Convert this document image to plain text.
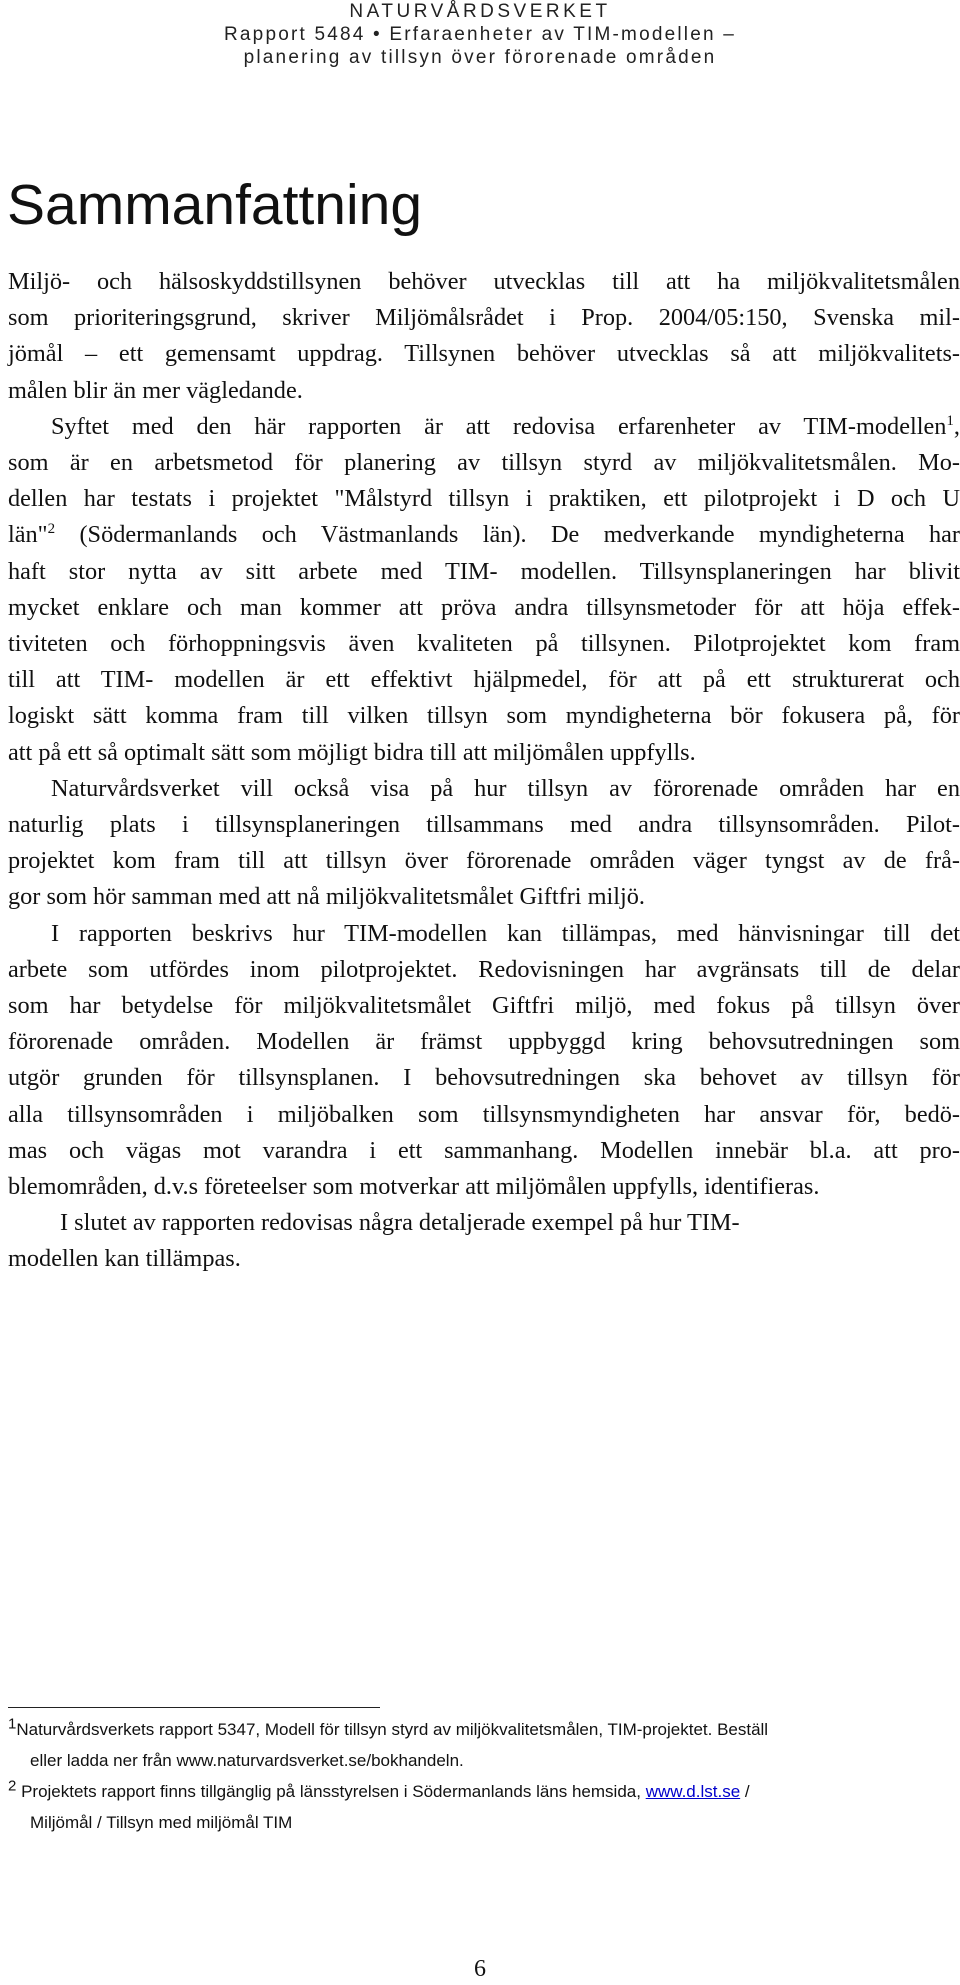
NATURVÅRDSVERKET
Rapport 5484 • Erfaraenheter av TIM-modellen –
planering av tillsyn över förorenade områden
Sammanfattning

Miljö- och hälsoskyddstillsynen behöver utvecklas till att ha miljökvalitetsmålen
som prioriteringsgrund, skriver Miljömålsrådet i Prop. 2004/05:150, Svenska mil-
jömål – ett gemensamt uppdrag. Tillsynen behöver utvecklas så att miljökvalitets-
målen blir än mer vägledande.

Syftet med den här rapporten är att redovisa erfarenheter av TIM-modellen$^1$,
som är en arbetsmetod för planering av tillsyn styrd av miljökvalitetsmålen. Mo-
dellen har testats i projektet "Målstyrd tillsyn i praktiken, ett pilotprojekt i D och U
län"$^2$ (Södermanlands och Västmanlands län). De medverkande myndigheterna har
haft stor nytta av sitt arbete med TIM- modellen. Tillsynsplaneringen har blivit
mycket enklare och man kommer att pröva andra tillsynsmetoder för att höja effek-
tiviteten och förhoppningsvis även kvaliteten på tillsynen. Pilotprojektet kom fram
till att TIM- modellen är ett effektivt hjälpmedel, för att på ett strukturerat och
logiskt sätt komma fram till vilken tillsyn som myndigheterna bör fokusera på, för
att på ett så optimalt sätt som möjligt bidra till att miljömålen uppfylls.

Naturvårdsverket vill också visa på hur tillsyn av förorenade områden har en
naturlig plats i tillsynsplaneringen tillsammans med andra tillsynsområden. Pilot-
projektet kom fram till att tillsyn över förorenade områden väger tyngst av de frå-
gor som hör samman med att nå miljökvalitetsmålet Giftfri miljö.

I rapporten beskrivs hur TIM-modellen kan tillämpas, med hänvisningar till det
arbete som utfördes inom pilotprojektet. Redovisningen har avgränsats till de delar
som har betydelse för miljökvalitetsmålet Giftfri miljö, med fokus på tillsyn över
förorenade områden. Modellen är främst uppbyggd kring behovsutredningen som
utgör grunden för tillsynsplanen. I behovsutredningen ska behovet av tillsyn för
alla tillsynsområden i miljöbalken som tillsynsmyndigheten har ansvar för, bedö-
mas och vägas mot varandra i ett sammanhang. Modellen innebär bl.a. att pro-
blemområden, d.v.s företeelser som motverkar att miljömålen uppfylls, identifieras.

I slutet av rapporten redovisas några detaljerade exempel på hur TIM-
modellen kan tillämpas.

$^1$Naturvårdsverkets rapport 5347, Modell för tillsyn styrd av miljökvalitetsmålen, TIM-projektet. Beställ
eller ladda ner från www.naturvardsverket.se/bokhandeln.
$^2$ Projektets rapport finns tillgänglig på länsstyrelsen i Södermanlands läns hemsida, www.d.lst.se /
Miljömål / Tillsyn med miljömål TIM
6
